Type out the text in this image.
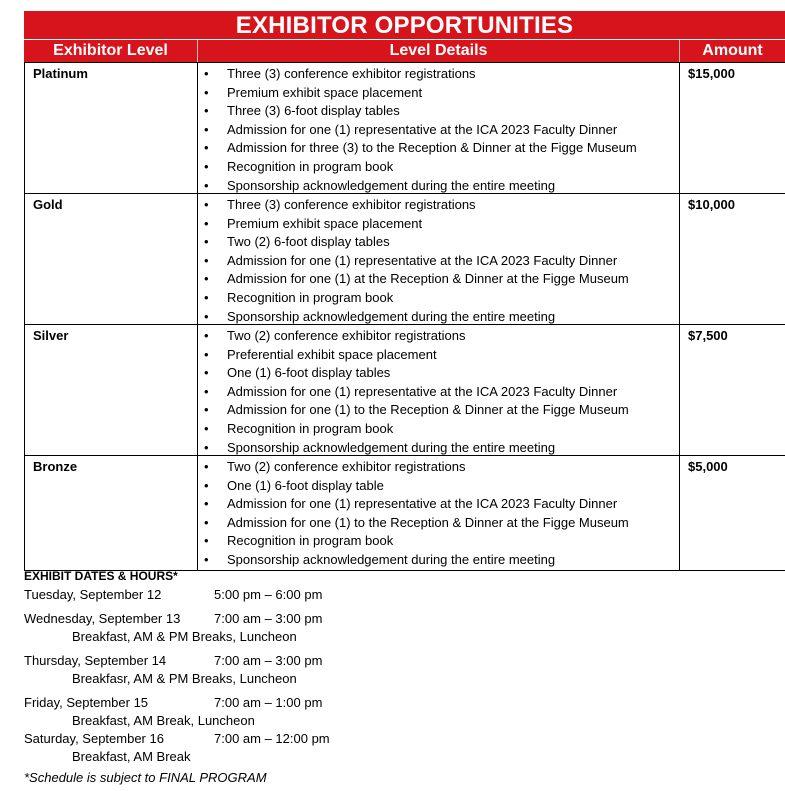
EXHIBITOR OPPORTUNITIES
Exhibitor Level	Level Details	Amount
Platinum	• Three (3) conference exhibitor registrations
• Premium exhibit space placement
• Three (3) 6-foot display tables
• Admission for one (1) representative at the ICA 2023 Faculty Dinner
• Admission for three (3) to the Reception & Dinner at the Figge Museum
• Recognition in program book
• Sponsorship acknowledgement during the entire meeting
$15,000
Gold	• Three (3) conference exhibitor registrations
• Premium exhibit space placement
• Two (2) 6-foot display tables
• Admission for one (1) representative at the ICA 2023 Faculty Dinner
• Admission for one (1) at the Reception & Dinner at the Figge Museum
• Recognition in program book
• Sponsorship acknowledgement during the entire meeting
$10,000
Silver	• Two (2) conference exhibitor registrations
• Preferential exhibit space placement
• One (1) 6-foot display tables
• Admission for one (1) representative at the ICA 2023 Faculty Dinner
• Admission for one (1) to the Reception & Dinner at the Figge Museum
• Recognition in program book
• Sponsorship acknowledgement during the entire meeting
$7,500
Bronze	• Two (2) conference exhibitor registrations
• One (1) 6-foot display table
• Admission for one (1) representative at the ICA 2023 Faculty Dinner
• Admission for one (1) to the Reception & Dinner at the Figge Museum
• Recognition in program book
• Sponsorship acknowledgement during the entire meeting
$5,000
EXHIBIT DATES & HOURS*
Tuesday, September 12	5:00 pm – 6:00 pm
Wednesday, September 13	7:00 am – 3:00 pm
Breakfast, AM & PM Breaks, Luncheon
Thursday, September 14	7:00 am – 3:00 pm
Breakfasr, AM & PM Breaks, Luncheon
Friday, September 15	7:00 am – 1:00 pm
Breakfast, AM Break, Luncheon
Saturday, September 16	7:00 am – 12:00 pm
Breakfast, AM Break
*Schedule is subject to FINAL PROGRAM
